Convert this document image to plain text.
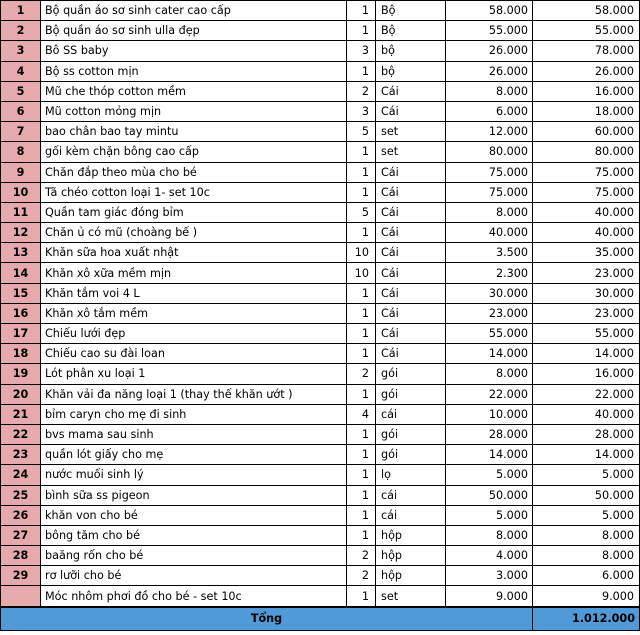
1	Bộ quần áo sơ sinh cater cao cấp	1	Bộ	58.000	58.000
2	Bộ quần áo sơ sinh ulla đẹp	1	Bộ	55.000	55.000
3	Bô SS baby	3	bộ	26.000	78.000
4	Bộ ss cotton mịn	1	bộ	26.000	26.000
5	Mũ che thóp cotton mềm	2	Cái	8.000	16.000
6	Mũ cotton mỏng mịn	3	Cái	6.000	18.000
7	bao chân bao tay mintu	5	set	12.000	60.000
8	gối kèm chặn bông cao cấp	1	set	80.000	80.000
9	Chăn đắp theo mùa cho bé	1	Cái	75.000	75.000
10	Tã chéo cotton loại 1- set 10c	1	Cái	75.000	75.000
11	Quần tam giác đóng bỉm	5	Cái	8.000	40.000
12	Chăn ủ có mũ (choàng bế )	1	Cái	40.000	40.000
13	Khăn sữa hoa xuất nhật	10	Cái	3.500	35.000
14	Khăn xô xữa mềm mịn	10	Cái	2.300	23.000
15	Khăn tắm voi 4 L	1	Cái	30.000	30.000
16	Khăn xô tắm mềm	1	Cái	23.000	23.000
17	Chiếu lưới đẹp	1	Cái	55.000	55.000
18	Chiếu cao su đài loan	1	Cái	14.000	14.000
19	Lót phân xu loại 1	2	gói	8.000	16.000
20	Khăn vải đa năng loại 1 (thay thế khăn ướt )	1	gói	22.000	22.000
21	bỉm caryn cho mẹ đi sinh	4	cái	10.000	40.000
22	bvs mama sau sinh	1	gói	28.000	28.000
23	quần lót giấy cho mẹ	1	gói	14.000	14.000
24	nước muối sinh lý	1	lọ	5.000	5.000
25	bình sữa ss pigeon	1	cái	50.000	50.000
26	khăn von cho bé	1	cái	5.000	5.000
27	bông tăm cho bé	1	hộp	8.000	8.000
28	baăng rốn cho bé	2	hộp	4.000	8.000
29	rơ lưỡi cho bé	2	hộp	3.000	6.000
	Móc nhôm phơi đồ cho bé - set 10c	1	set	9.000	9.000
Tổng					1.012.000
